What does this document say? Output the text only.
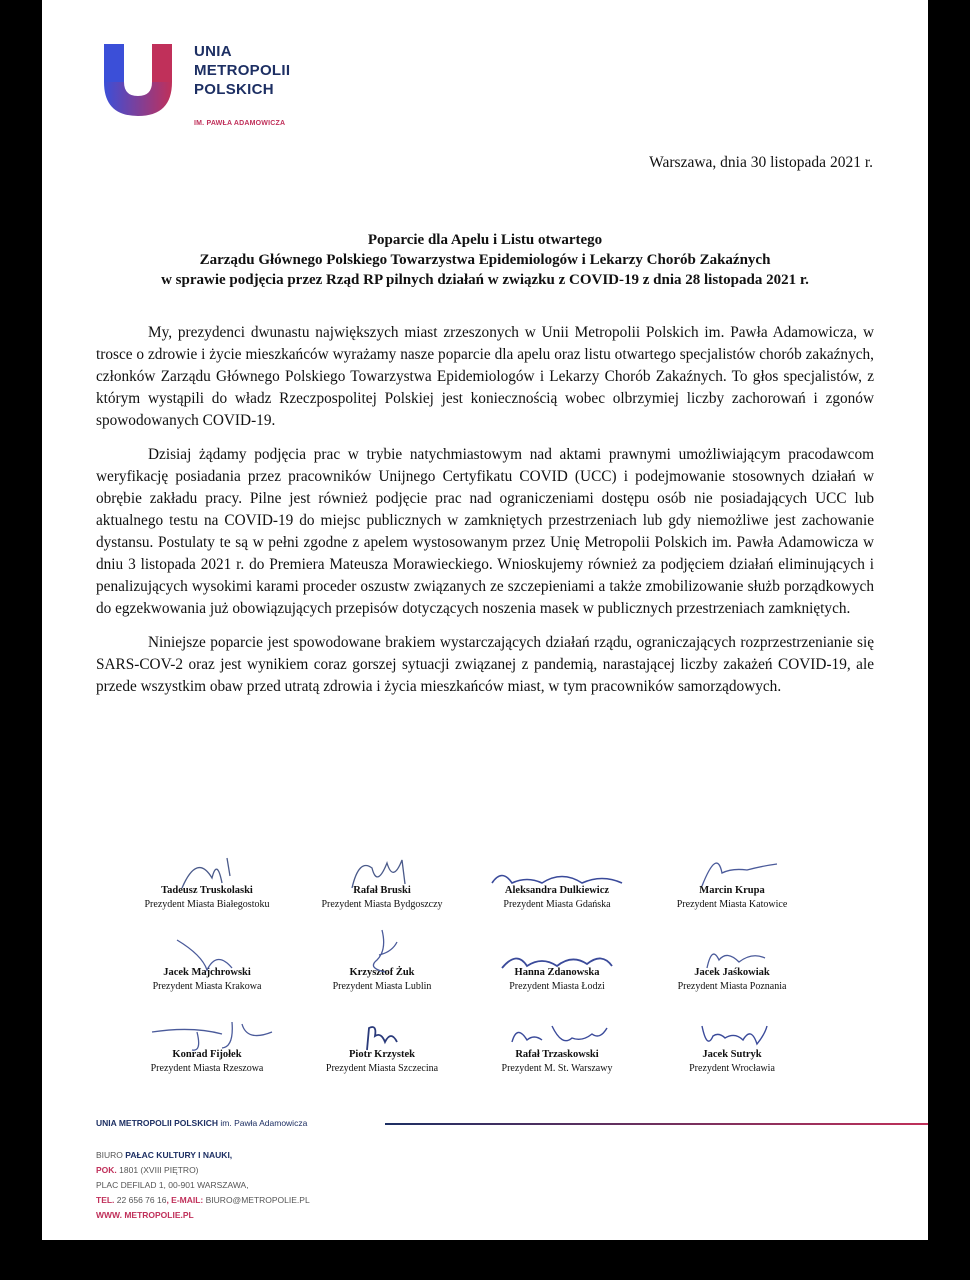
UNIA
METROPOLII
POLSKICH
IM. PAWŁA ADAMOWICZA
Warszawa, dnia 30 listopada 2021 r.
Poparcie dla Apelu i Listu otwartego
Zarządu Głównego Polskiego Towarzystwa Epidemiologów i Lekarzy Chorób Zakaźnych
w sprawie podjęcia przez Rząd RP pilnych działań w związku z COVID-19 z dnia 28 listopada 2021 r.

My, prezydenci dwunastu największych miast zrzeszonych w Unii Metropolii Polskich im. Pawła Adamowicza, w trosce o zdrowie i życie mieszkańców wyrażamy nasze poparcie dla apelu oraz listu otwartego specjalistów chorób zakaźnych, członków Zarządu Głównego Polskiego Towarzystwa Epidemiologów i Lekarzy Chorób Zakaźnych. To głos specjalistów, z którym wystąpili do władz Rzeczpospolitej Polskiej jest koniecznością wobec olbrzymiej liczby zachorowań i zgonów spowodowanych COVID-19.

Dzisiaj żądamy podjęcia prac w trybie natychmiastowym nad aktami prawnymi umożliwiającym pracodawcom weryfikację posiadania przez pracowników Unijnego Certyfikatu COVID (UCC) i podejmowanie stosownych działań w obrębie zakładu pracy. Pilne jest również podjęcie prac nad ograniczeniami dostępu osób nie posiadających UCC lub aktualnego testu na COVID-19 do miejsc publicznych w zamkniętych przestrzeniach lub gdy niemożliwe jest zachowanie dystansu. Postulaty te są w pełni zgodne z apelem wystosowanym przez Unię Metropolii Polskich im. Pawła Adamowicza w dniu 3 listopada 2021 r. do Premiera Mateusza Morawieckiego. Wnioskujemy również za podjęciem działań eliminujących i penalizujących wysokimi karami proceder oszustw związanych ze szczepieniami a także zmobilizowanie służb porządkowych do egzekwowania już obowiązujących przepisów dotyczących noszenia masek w publicznych przestrzeniach zamkniętych.

Niniejsze poparcie jest spowodowane brakiem wystarczających działań rządu, ograniczających rozprzestrzenianie się SARS-COV-2 oraz jest wynikiem coraz gorszej sytuacji związanej z pandemią, narastającej liczby zakażeń COVID-19, ale przede wszystkim obaw przed utratą zdrowia i życia mieszkańców miast, w tym pracowników samorządowych.

Tadeusz Truskolaski
Prezydent Miasta Białegostoku
Rafał Bruski
Prezydent Miasta Bydgoszczy
Aleksandra Dulkiewicz
Prezydent Miasta Gdańska
Marcin Krupa
Prezydent Miasta Katowice
Jacek Majchrowski
Prezydent Miasta Krakowa
Krzysztof Żuk
Prezydent Miasta Lublin
Hanna Zdanowska
Prezydent Miasta Łodzi
Jacek Jaśkowiak
Prezydent Miasta Poznania
Konrad Fijołek
Prezydent Miasta Rzeszowa
Piotr Krzystek
Prezydent Miasta Szczecina
Rafał Trzaskowski
Prezydent M. St. Warszawy
Jacek Sutryk
Prezydent Wrocławia
UNIA METROPOLII POLSKICH im. Pawła Adamowicza
BIURO PAŁAC KULTURY I NAUKI,
POK. 1801 (XVIII PIĘTRO)
PLAC DEFILAD 1, 00-901 WARSZAWA,
TEL. 22 656 76 16, E-MAIL: BIURO@METROPOLIE.PL
WWW. METROPOLIE.PL
